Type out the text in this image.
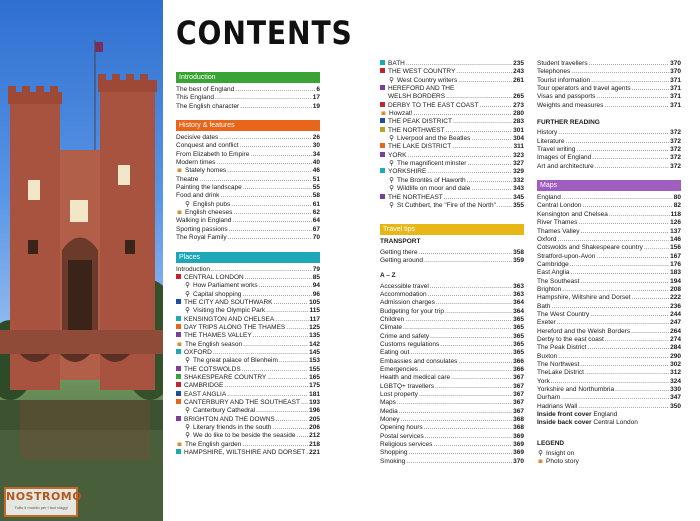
NOSTROMO
Tutto il mondo per i tuoi viaggi
CONTENTS
Introduction
The best of England .....	6
This England .....	17
The English character .....	19
History & features
Decisive dates .....	26
Conquest and conflict .....	30
From Elizabeth to Empire .....	34
Modern times .....	40
◙ Stately homes .....	46
Theatre .....	51
Painting the landscape .....	55
Food and drink .....	58
⚲ English pubs .....	61
◙ English cheeses .....	62
Walking in England .....	64
Sporting passions .....	67
The Royal Family .....	70
Places
Introduction .....	79
CENTRAL LONDON .....	85
⚲ How Parliament works .....	94
⚲ Capital shopping .....	96
THE CITY AND SOUTHWARK .....	105
⚲ Visiting the Olympic Park .....	115
KENSINGTON AND CHELSEA .....	117
DAY TRIPS ALONG THE THAMES .....	125
THE THAMES VALLEY .....	135
◙ The English season .....	142
OXFORD .....	145
⚲ The great palace of Blenheim .....	153
THE COTSWOLDS .....	155
SHAKESPEARE COUNTRY .....	165
CAMBRIDGE .....	175
EAST ANGLIA .....	181
CANTERBURY AND THE SOUTHEAST ..... 193
⚲ Canterbury Cathedral .....	196
BRIGHTON AND THE DOWNS .....	205
⚲ Literary friends in the south .....	206
⚲ We do like to be beside the seaside ..... 212
◙ The English garden .....	218
HAMPSHIRE, WILTSHIRE AND DORSET ..... 221
BATH .....	235
THE WEST COUNTRY .....	243
⚲ West Country writers .....	261
HEREFORD AND THE
WELSH BORDERS .....	265
DERBY TO THE EAST COAST .....	273
◙ Howzat! .....	280
THE PEAK DISTRICT .....	283
THE NORTHWEST .....	301
⚲ Liverpool and the Beatles .....	304
THE LAKE DISTRICT .....	311
YORK .....	323
⚲ The magnificent minster .....	327
YORKSHIRE .....	329
⚲ The Brontës of Haworth .....	332
⚲ Wildlife on moor and dale .....	343
THE NORTHEAST .....	345
⚲ St Cuthbert, the "Fire of the North" .....	355
Travel tips
TRANSPORT
Getting there .....	358
Getting around .....	359
A – Z
Accessible travel .....	363
Accommodation .....	363
Admission charges .....	364
Budgeting for your trip .....	364
Children .....	365
Climate .....	365
Crime and safety .....	365
Customs regulations .....	365
Eating out .....	365
Embassies and consulates .....	366
Emergencies .....	366
Health and medical care .....	367
LGBTQ+ travellers .....	367
Lost property .....	367
Maps .....	367
Media .....	367
Money .....	368
Opening hours .....	368
Postal services .....	369
Religious services .....	369
Shopping .....	369
Smoking .....	370
Student travellers .....	370
Telephones .....	370
Tourist information .....	371
Tour operators and travel agents .....	371
Visas and passports .....	371
Weights and measures .....	371
FURTHER READING
History .....	372
Literature .....	372
Travel writing .....	372
Images of England .....	372
Art and architecture .....	372
Maps
England .....	80
Central London .....	82
Kensington and Chelsea .....	118
River Thames .....	126
Thames Valley .....	137
Oxford .....	146
Cotswolds and Shakespeare country .....	156
Stratford-upon-Avon .....	167
Cambridge .....	176
East Anglia .....	183
The Southeast .....	194
Brighton .....	208
Hampshire, Wiltshire and Dorset .....	222
Bath .....	236
The West Country .....	244
Exeter .....	247
Hereford and the Welsh Borders .....	264
Derby to the east coast .....	274
The Peak District .....	284
Buxton .....	290
The Northwest .....	302
TheLake District .....	312
York .....	324
Yorkshire and Northumbria .....	330
Durham .....	347
Hadrians Wall .....	350
Inside front cover England
Inside back cover Central London
LEGEND
⚲ Insight on
◙ Photo story
